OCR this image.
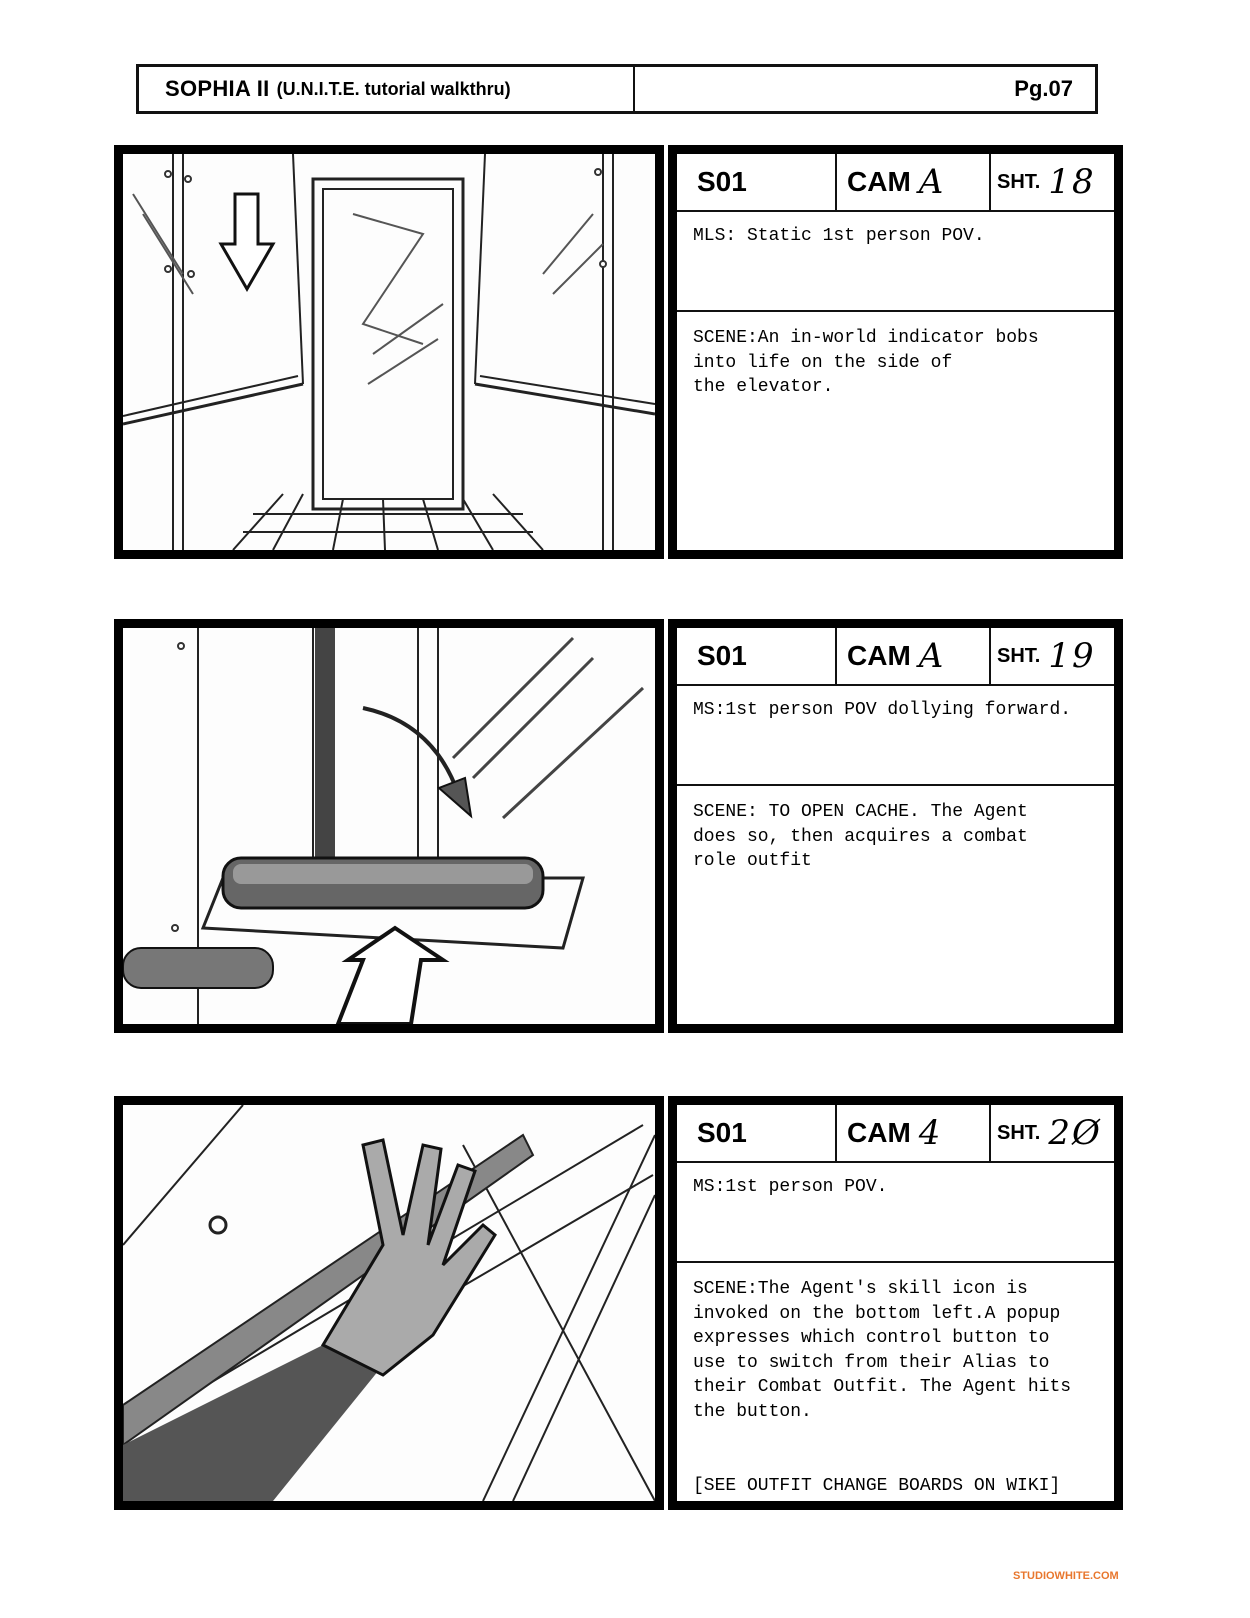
SOPHIA II (U.N.I.T.E. tutorial walkthru)	Pg.07
S01	CAM A	SHT. 18
MLS: Static 1st person POV.
SCENE:An in-world indicator bobs
into life on the side of
the elevator.
S01	CAM A	SHT. 19
MS:1st person POV dollying forward.
SCENE: TO OPEN CACHE. The Agent
does so, then acquires a combat
role outfit
S01	CAM 4	SHT. 2Ø
MS:1st person POV.
SCENE:The Agent's skill icon is
invoked on the bottom left.A popup
expresses which control button to
use to switch from their Alias to
their Combat Outfit. The Agent hits
the button.
[SEE OUTFIT CHANGE BOARDS ON WIKI]
STUDIOWHITE.COM
